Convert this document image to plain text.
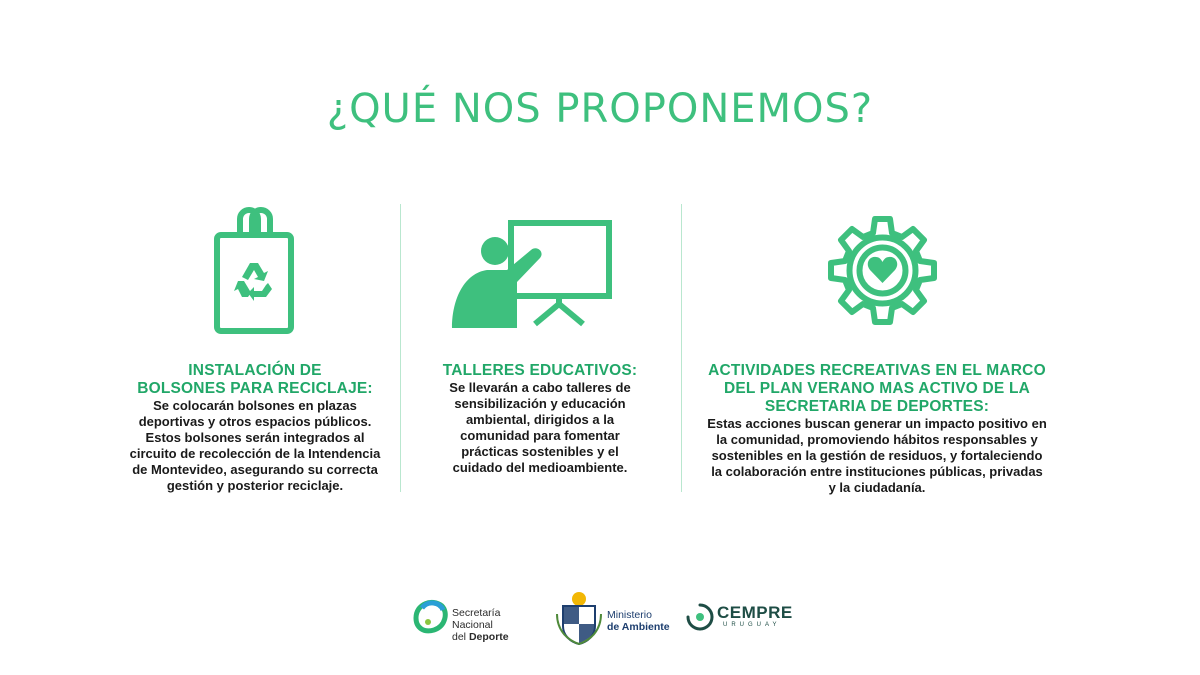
¿QUÉ NOS PROPONEMOS?
INSTALACIÓN DE
BOLSONES PARA RECICLAJE:
Se colocarán bolsones en plazas
deportivas y otros espacios públicos.
Estos bolsones serán integrados al
circuito de recolección de la Intendencia
de Montevideo, asegurando su correcta
gestión y posterior reciclaje.
TALLERES EDUCATIVOS:
Se llevarán a cabo talleres de
sensibilización y educación
ambiental, dirigidos a la
comunidad para fomentar
prácticas sostenibles y el
cuidado del medioambiente.
ACTIVIDADES RECREATIVAS EN EL MARCO
DEL PLAN VERANO MAS ACTIVO DE LA
SECRETARIA DE DEPORTES:
Estas acciones buscan generar un impacto positivo en
la comunidad, promoviendo hábitos responsables y
sostenibles en la gestión de residuos, y fortaleciendo
la colaboración entre instituciones públicas, privadas
y la ciudadanía.
Secretaría Nacional
del Deporte
Ministerio
de Ambiente
CEMPRE
URUGUAY
